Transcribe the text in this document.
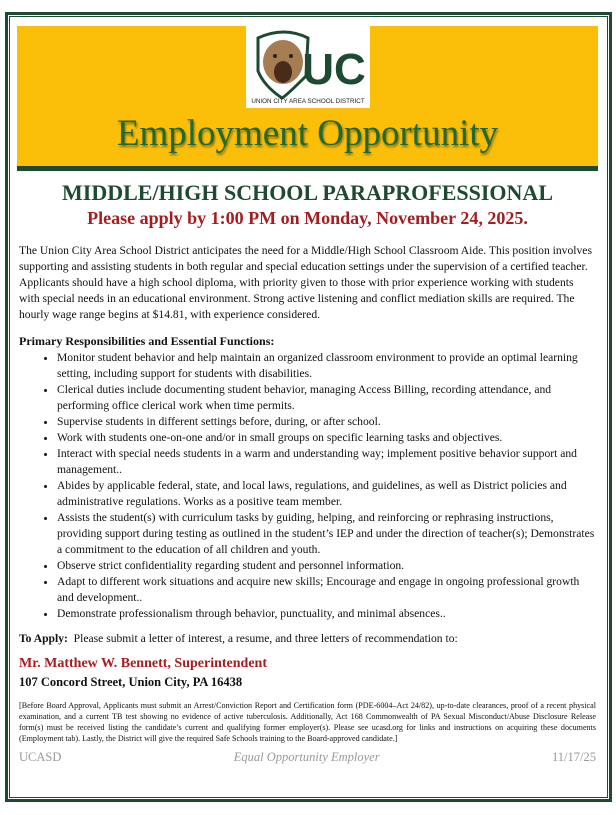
UC
UNION CITY AREA SCHOOL DISTRICT
Employment Opportunity
MIDDLE/HIGH SCHOOL PARAPROFESSIONAL
Please apply by 1:00 PM on Monday, November 24, 2025.

The Union City Area School District anticipates the need for a Middle/High School Classroom Aide. This position involves supporting and assisting students in both regular and special education settings under the supervision of a certified teacher. Applicants should have a high school diploma, with priority given to those with prior experience working with students with special needs in an educational environment. Strong active listening and conflict mediation skills are required. The hourly wage range begins at $14.81, with experience considered.

Primary Responsibilities and Essential Functions:
• Monitor student behavior and help maintain an organized classroom environment to provide an optimal learning setting, including support for students with disabilities.
• Clerical duties include documenting student behavior, managing Access Billing, recording attendance, and performing office clerical work when time permits.
• Supervise students in different settings before, during, or after school.
• Work with students one-on-one and/or in small groups on specific learning tasks and objectives.
• Interact with special needs students in a warm and understanding way; implement positive behavior support and management..
• Abides by applicable federal, state, and local laws, regulations, and guidelines, as well as District policies and administrative regulations. Works as a positive team member.
• Assists the student(s) with curriculum tasks by guiding, helping, and reinforcing or rephrasing instructions, providing support during testing as outlined in the student’s IEP and under the direction of teacher(s); Demonstrates a commitment to the education of all children and youth.
• Observe strict confidentiality regarding student and personnel information.
• Adapt to different work situations and acquire new skills; Encourage and engage in ongoing professional growth and development..
• Demonstrate professionalism through behavior, punctuality, and minimal absences..

To Apply: Please submit a letter of interest, a resume, and three letters of recommendation to:

Mr. Matthew W. Bennett, Superintendent

107 Concord Street, Union City, PA 16438

[Before Board Approval, Applicants must submit an Arrest/Conviction Report and Certification form (PDE-6004–Act 24/82), up-to-date clearances, proof of a recent physical examination, and a current TB test showing no evidence of active tuberculosis. Additionally, Act 168 Commonwealth of PA Sexual Misconduct/Abuse Disclosure Release form(s) must be received listing the candidate’s current and qualifying former employer(s). Please see ucasd.org for links and instructions on acquiring these documents (Employment tab). Lastly, the District will give the required Safe Schools training to the Board-approved candidate.]

UCASD	Equal Opportunity Employer	11/17/25
